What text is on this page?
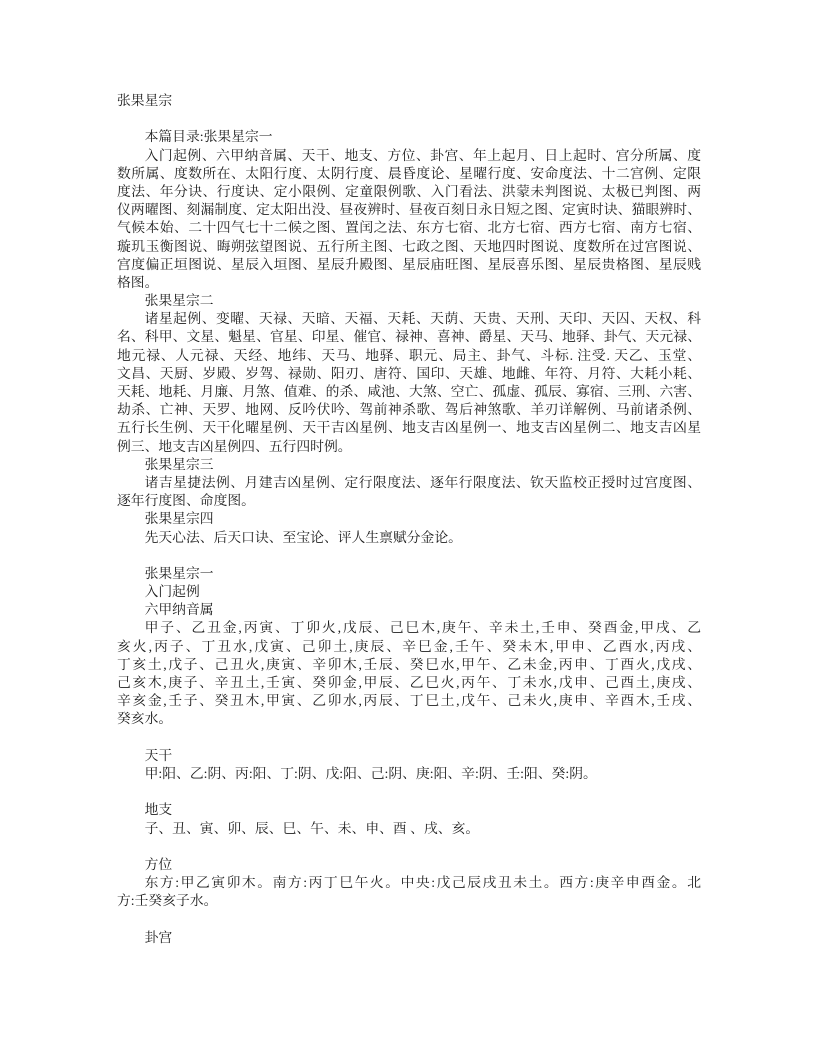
张果星宗

本篇目录:张果星宗一
入门起例、六甲纳音属、天干、地支、方位、卦宫、年上起月、日上起时、宫分所属、度
数所属、度数所在、太阳行度、太阴行度、晨昏度论、星曜行度、安命度法、十二宫例、定限
度法、年分诀、行度诀、定小限例、定童限例歌、入门看法、洪蒙未判图说、太极已判图、两
仪两曜图、刻漏制度、定太阳出没、昼夜辨时、昼夜百刻日永日短之图、定寅时诀、猫眼辨时、
气候本始、二十四气七十二候之图、置闰之法、东方七宿、北方七宿、西方七宿、南方七宿、
璇玑玉衡图说、晦朔弦望图说、五行所主图、七政之图、天地四时图说、度数所在过宫图说、
宫度偏正垣图说、星辰入垣图、星辰升殿图、星辰庙旺图、星辰喜乐图、星辰贵格图、星辰贱
格图。
张果星宗二
诸星起例、变曜、天禄、天暗、天福、天耗、天荫、天贵、天刑、天印、天囚、天权、科
名、科甲、文星、魁星、官星、印星、催官、禄神、喜神、爵星、天马、地驿、卦气、天元禄、
地元禄、人元禄、天经、地纬、天马、地驿、职元、局主、卦气、斗标. 注受. 天乙、玉堂、
文昌、天厨、岁殿、岁驾、禄勋、阳刃、唐符、国印、天雄、地雌、年符、月符、大耗小耗、
天耗、地耗、月廉、月煞、值难、的杀、咸池、大煞、空亡、孤虚、孤辰、寡宿、三刑、六害、
劫杀、亡神、天罗、地网、反吟伏吟、驾前神杀歌、驾后神煞歌、羊刃详解例、马前诸杀例、
五行长生例、天干化曜星例、天干吉凶星例、地支吉凶星例一、地支吉凶星例二、地支吉凶星
例三、地支吉凶星例四、五行四时例。
张果星宗三
诸吉星捷法例、月建吉凶星例、定行限度法、逐年行限度法、钦天监校正授时过宫度图、
逐年行度图、命度图。
张果星宗四
先天心法、后天口诀、至宝论、评人生禀赋分金论。

张果星宗一
入门起例
六甲纳音属
甲子、乙丑金,丙寅、丁卯火,戊辰、己巳木,庚午、辛未土,壬申、癸酉金,甲戌、乙
亥火,丙子、丁丑水,戊寅、己卯土,庚辰、辛巳金,壬午、癸未木,甲申、乙酉水,丙戌、
丁亥土,戊子、己丑火,庚寅、辛卯木,壬辰、癸巳水,甲午、乙未金,丙申、丁酉火,戊戌、
己亥木,庚子、辛丑土,壬寅、癸卯金,甲辰、乙巳火,丙午、丁未水,戊申、己酉土,庚戌、
辛亥金,壬子、癸丑木,甲寅、乙卯水,丙辰、丁巳土,戊午、己未火,庚申、辛酉木,壬戌、
癸亥水。

天干
甲:阳、乙:阴、丙:阳、丁:阴、戊:阳、己:阴、庚:阳、辛:阴、壬:阳、癸:阴。

地支
子、丑、寅、卯、辰、巳、午、未、申、酉 、戌、亥。

方位
东方:甲乙寅卯木。南方:丙丁巳午火。中央:戊己辰戌丑未土。西方:庚辛申酉金。北
方:壬癸亥子水。

卦宫
